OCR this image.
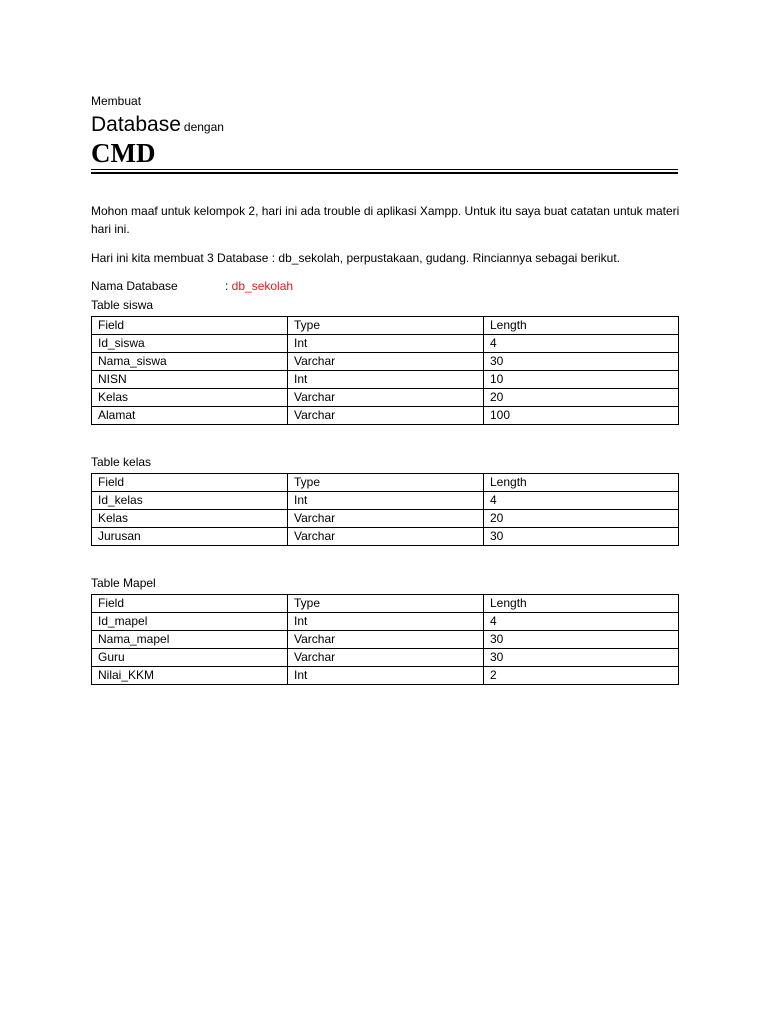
Membuat
Database dengan
CMD
Mohon maaf untuk kelompok 2, hari ini ada trouble di aplikasi Xampp. Untuk itu saya buat catatan untuk materi hari ini.
Hari ini kita membuat 3 Database : db_sekolah, perpustakaan, gudang. Rinciannya sebagai berikut.
Nama Database	: db_sekolah
Table siswa
Field	Type	Length
Id_siswa	Int	4
Nama_siswa	Varchar	30
NISN	Int	10
Kelas	Varchar	20
Alamat	Varchar	100
Table kelas
Field	Type	Length
Id_kelas	Int	4
Kelas	Varchar	20
Jurusan	Varchar	30
Table Mapel
Field	Type	Length
Id_mapel	Int	4
Nama_mapel	Varchar	30
Guru	Varchar	30
Nilai_KKM	Int	2
